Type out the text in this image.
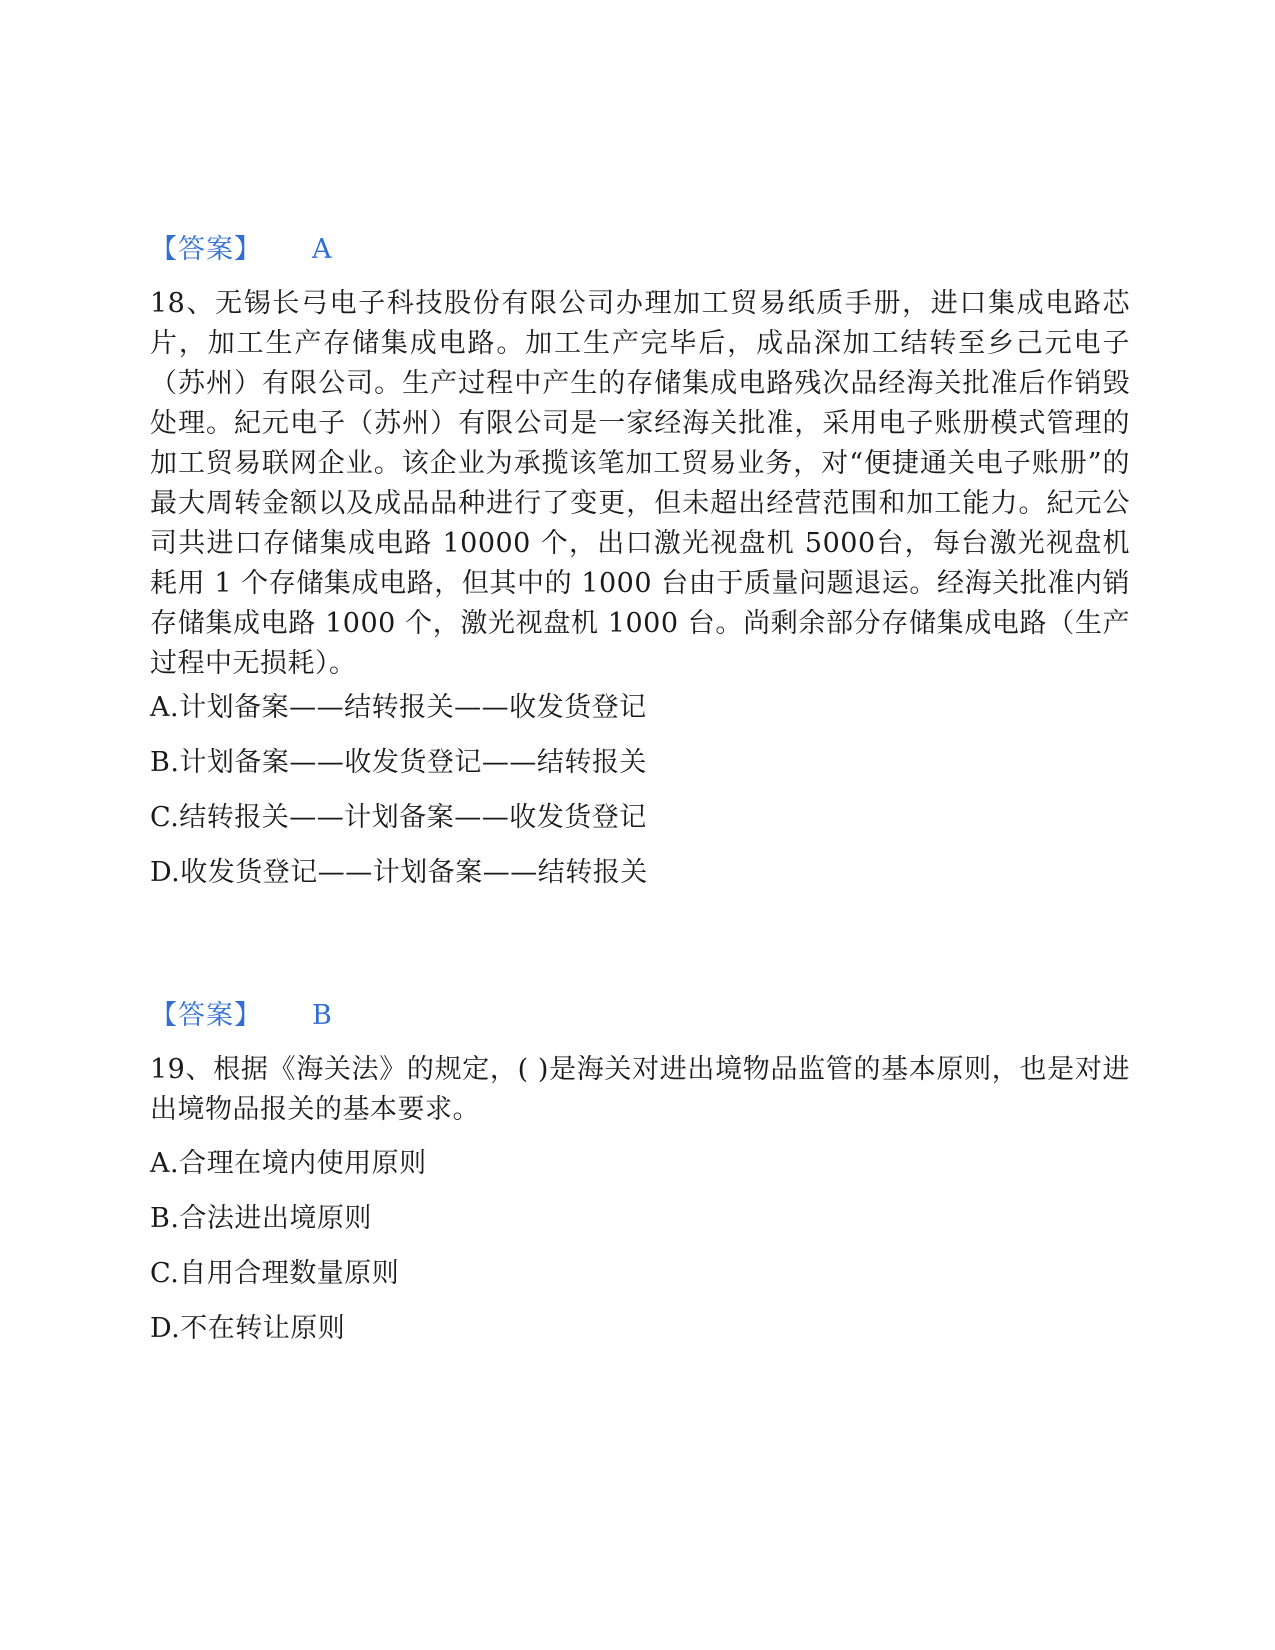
【答案】 A

18、无锡长弓电子科技股份有限公司办理加工贸易纸质手册，进口集成电路芯片，加工生产存储集成电路。加工生产完毕后，成品深加工结转至乡己元电子（苏州）有限公司。生产过程中产生的存储集成电路残次品经海关批准后作销毁处理。紀元电子（苏州）有限公司是一家经海关批准，采用电子账册模式管理的加工贸易联网企业。该企业为承揽该笔加工贸易业务，对“便捷通关电子账册”的最大周转金额以及成品品种进行了变更，但未超出经营范围和加工能力。紀元公司共进口存储集成电路 10000 个，出口激光视盘机 5000台，每台激光视盘机耗用 1 个存储集成电路，但其中的 1000 台由于质量问题退运。经海关批准内销存储集成电路 1000 个，激光视盘机 1000 台。尚剩余部分存储集成电路（生产过程中无损耗）。

A.计划备案——结转报关——收发货登记
B.计划备案——收发货登记——结转报关
C.结转报关——计划备案——收发货登记
D.收发货登记——计划备案——结转报关
【答案】 B

19、根据《海关法》的规定，( )是海关对进出境物品监管的基本原则，也是对进出境物品报关的基本要求。

A.合理在境内使用原则
B.合法进出境原则
C.自用合理数量原则
D.不在转让原则
